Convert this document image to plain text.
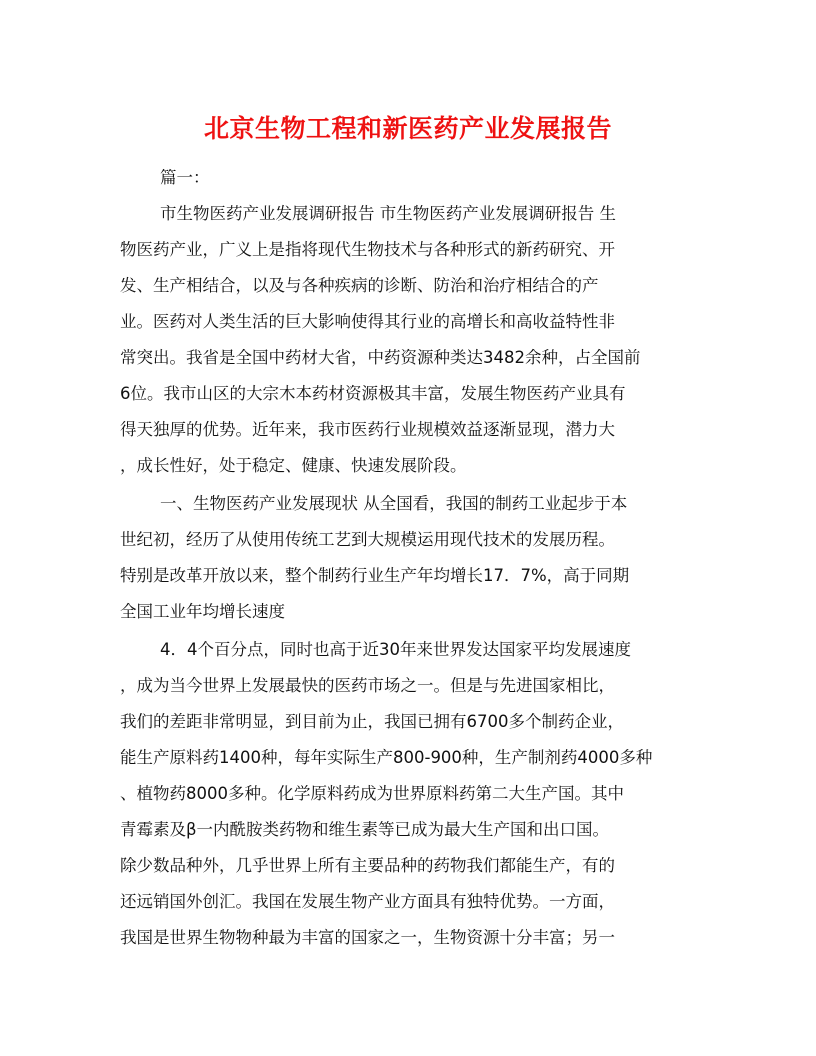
北京生物工程和新医药产业发展报告

篇一：

市生物医药产业发展调研报告 市生物医药产业发展调研报告 生

物医药产业，广义上是指将现代生物技术与各种形式的新药研究、开

发、生产相结合，以及与各种疾病的诊断、防治和治疗相结合的产

业。医药对人类生活的巨大影响使得其行业的高增长和高收益特性非

常突出。我省是全国中药材大省，中药资源种类达3482余种，占全国前

6位。我市山区的大宗木本药材资源极其丰富，发展生物医药产业具有

得天独厚的优势。近年来，我市医药行业规模效益逐渐显现，潜力大

，成长性好，处于稳定、健康、快速发展阶段。

一、生物医药产业发展现状 从全国看，我国的制药工业起步于本

世纪初，经历了从使用传统工艺到大规模运用现代技术的发展历程。

特别是改革开放以来，整个制药行业生产年均增长17．7%，高于同期

全国工业年均增长速度

4．4个百分点，同时也高于近30年来世界发达国家平均发展速度

，成为当今世界上发展最快的医药市场之一。但是与先进国家相比，

我们的差距非常明显，到目前为止，我国已拥有6700多个制药企业，

能生产原料药1400种，每年实际生产800-900种，生产制剂药4000多种

、植物药8000多种。化学原料药成为世界原料药第二大生产国。其中

青霉素及β一内酰胺类药物和维生素等已成为最大生产国和出口国。

除少数品种外，几乎世界上所有主要品种的药物我们都能生产，有的

还远销国外创汇。我国在发展生物产业方面具有独特优势。一方面，

我国是世界生物物种最为丰富的国家之一，生物资源十分丰富；另一
